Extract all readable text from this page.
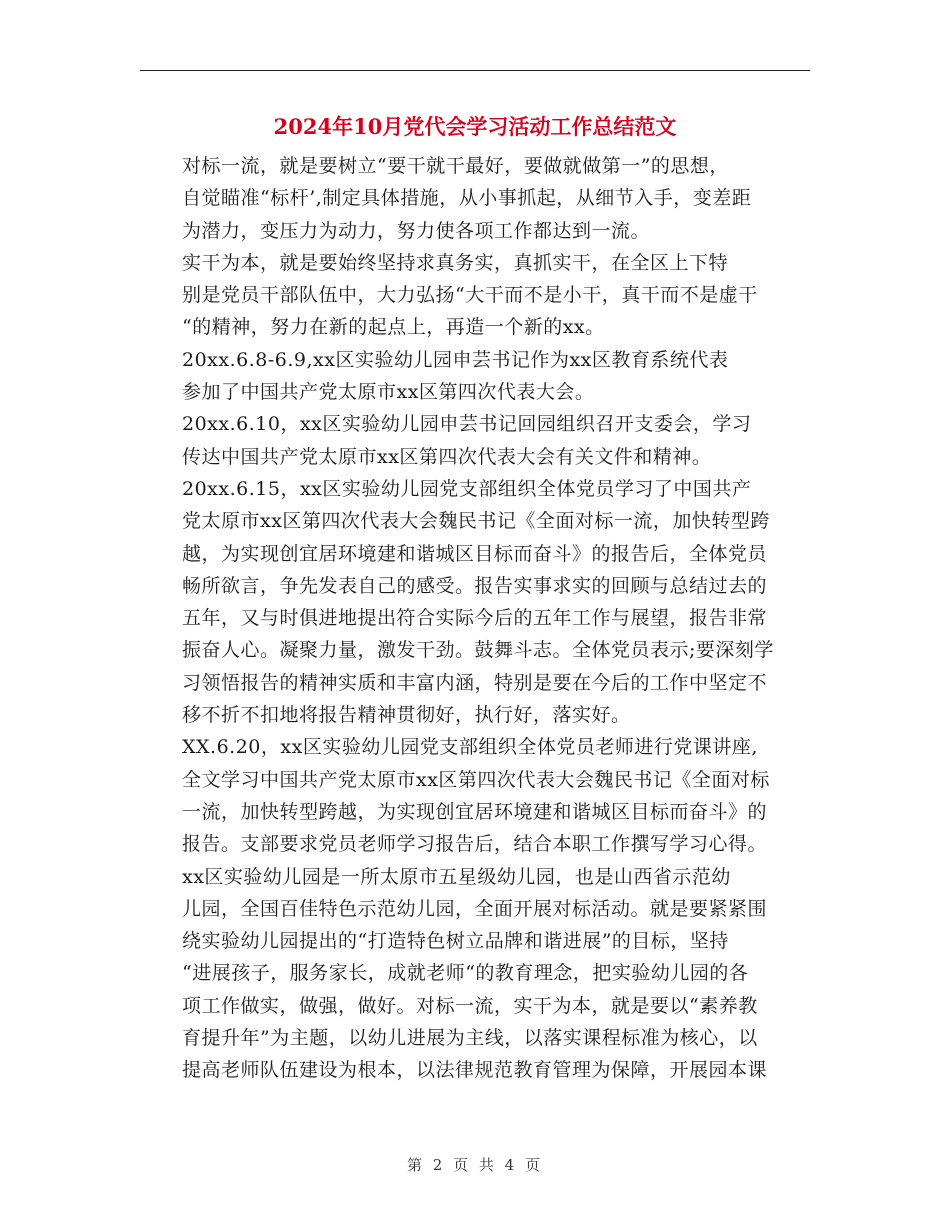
2024年10月党代会学习活动工作总结范文

对标一流，就是要树立“要干就干最好，要做就做第一”的思想，
自觉瞄准“标杆’,制定具体措施，从小事抓起，从细节入手，变差距
为潜力，变压力为动力，努力使各项工作都达到一流。

实干为本，就是要始终坚持求真务实，真抓实干，在全区上下特
别是党员干部队伍中，大力弘扬“大干而不是小干，真干而不是虚干
“的精神，努力在新的起点上，再造一个新的xx。

20xx.6.8-6.9,xx区实验幼儿园申芸书记作为xx区教育系统代表
参加了中国共产党太原市xx区第四次代表大会。

20xx.6.10，xx区实验幼儿园申芸书记回园组织召开支委会，学习
传达中国共产党太原市xx区第四次代表大会有关文件和精神。

20xx.6.15，xx区实验幼儿园党支部组织全体党员学习了中国共产
党太原市xx区第四次代表大会魏民书记《全面对标一流，加快转型跨
越，为实现创宜居环境建和谐城区目标而奋斗》的报告后，全体党员
畅所欲言，争先发表自己的感受。报告实事求实的回顾与总结过去的
五年，又与时俱进地提出符合实际今后的五年工作与展望，报告非常
振奋人心。凝聚力量，激发干劲。鼓舞斗志。全体党员表示;要深刻学
习领悟报告的精神实质和丰富内涵，特别是要在今后的工作中坚定不
移不折不扣地将报告精神贯彻好，执行好，落实好。

XX.6.20，xx区实验幼儿园党支部组织全体党员老师进行党课讲座,
全文学习中国共产党太原市xx区第四次代表大会魏民书记《全面对标
一流，加快转型跨越，为实现创宜居环境建和谐城区目标而奋斗》的
报告。支部要求党员老师学习报告后，结合本职工作撰写学习心得。

xx区实验幼儿园是一所太原市五星级幼儿园，也是山西省示范幼
儿园，全国百佳特色示范幼儿园，全面开展对标活动。就是要紧紧围
绕实验幼儿园提出的“打造特色树立品牌和谐进展”的目标，坚持
“进展孩子，服务家长，成就老师“的教育理念，把实验幼儿园的各
项工作做实，做强，做好。对标一流，实干为本，就是要以“素养教
育提升年”为主题，以幼儿进展为主线，以落实课程标准为核心，以
提高老师队伍建设为根本，以法律规范教育管理为保障，开展园本课

第 2 页 共 4 页
